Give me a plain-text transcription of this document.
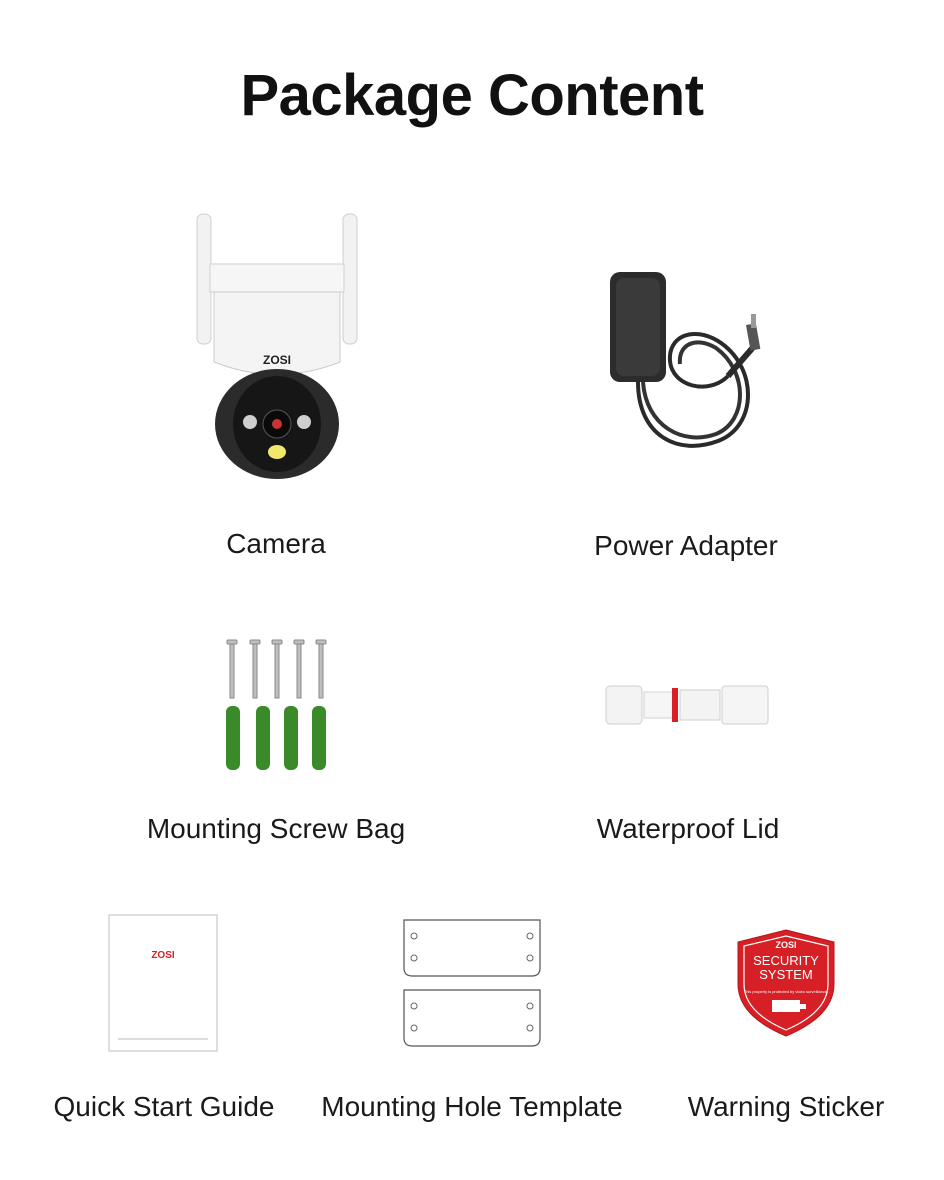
Package Content
ZOSI
Camera	Power Adapter
Mounting Screw Bag	Waterproof Lid
ZOSI
Quick Start Guide	Mounting Hole Template
ZOSI
SECURITY
SYSTEM
This property is protected by video surveillance.
Warning Sticker
